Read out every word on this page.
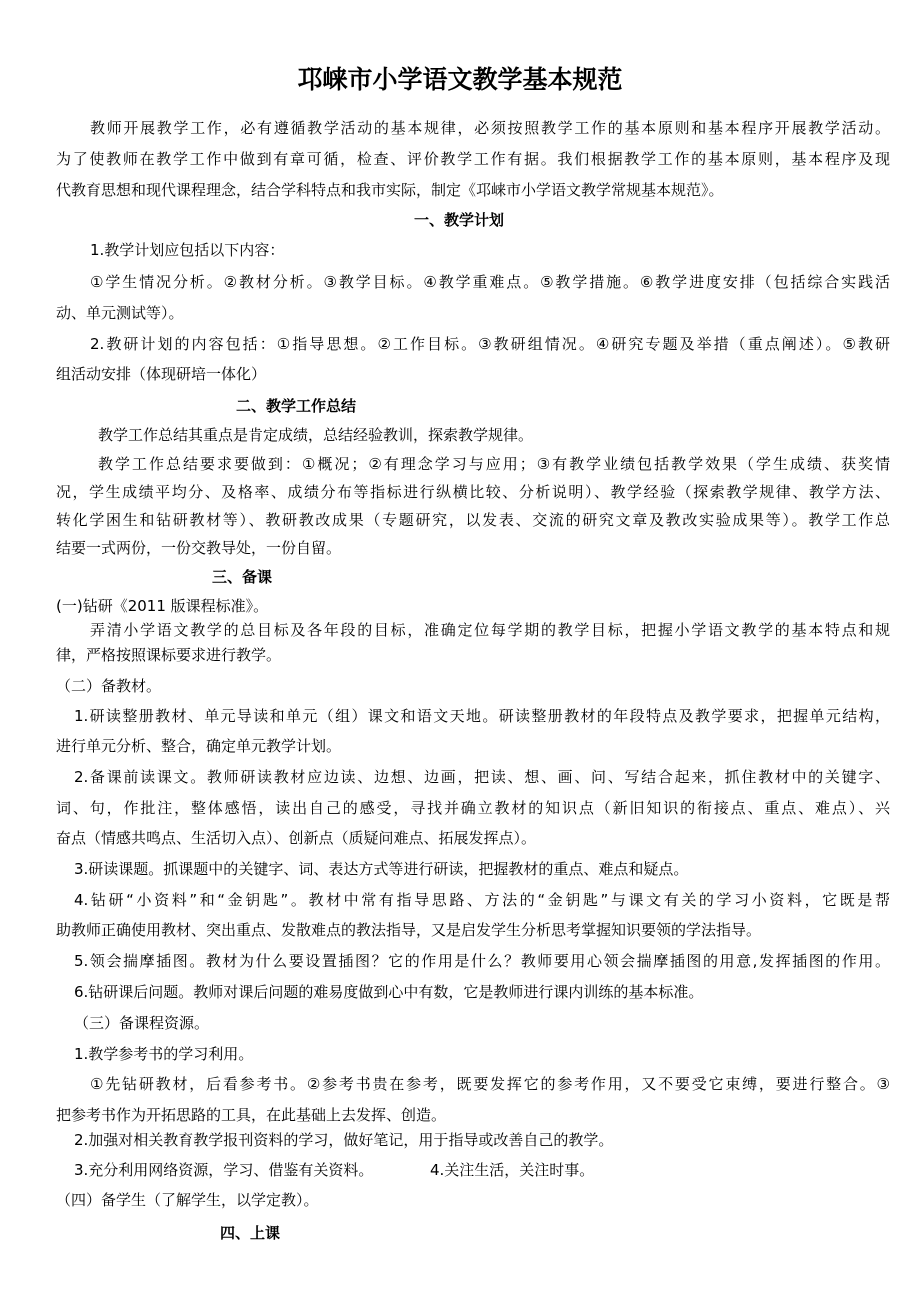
邛崃市小学语文教学基本规范
教师开展教学工作，必有遵循教学活动的基本规律，必须按照教学工作的基本原则和基本程序开展教学活动。
为了使教师在教学工作中做到有章可循，检查、评价教学工作有据。我们根据教学工作的基本原则，基本程序及现
代教育思想和现代课程理念，结合学科特点和我市实际，制定《邛崃市小学语文教学常规基本规范》。
一、教学计划
1.教学计划应包括以下内容：
①学生情况分析。②教材分析。③教学目标。④教学重难点。⑤教学措施。⑥教学进度安排（包括综合实践活
动、单元测试等）。
2.教研计划的内容包括：①指导思想。②工作目标。③教研组情况。④研究专题及举措（重点阐述）。⑤教研
组活动安排（体现研培一体化）
二、教学工作总结
教学工作总结其重点是肯定成绩，总结经验教训，探索教学规律。
教学工作总结要求要做到：①概况；②有理念学习与应用；③有教学业绩包括教学效果（学生成绩、获奖情
况，学生成绩平均分、及格率、成绩分布等指标进行纵横比较、分析说明）、教学经验（探索教学规律、教学方法、
转化学困生和钻研教材等）、教研教改成果（专题研究，以发表、交流的研究文章及教改实验成果等）。教学工作总
结要一式两份，一份交教导处，一份自留。
三、备课
(一)钻研《2011 版课程标准》。
弄清小学语文教学的总目标及各年段的目标，准确定位每学期的教学目标，把握小学语文教学的基本特点和规
律，严格按照课标要求进行教学。
（二）备教材。
1.研读整册教材、单元导读和单元（组）课文和语文天地。研读整册教材的年段特点及教学要求，把握单元结构，
进行单元分析、整合，确定单元教学计划。
2.备课前读课文。教师研读教材应边读、边想、边画，把读、想、画、问、写结合起来，抓住教材中的关键字、
词、句，作批注，整体感悟，读出自己的感受，寻找并确立教材的知识点（新旧知识的衔接点、重点、难点）、兴
奋点（情感共鸣点、生活切入点）、创新点（质疑问难点、拓展发挥点）。
3.研读课题。抓课题中的关键字、词、表达方式等进行研读，把握教材的重点、难点和疑点。
4.钻研“小资料”和“金钥匙”。教材中常有指导思路、方法的“金钥匙”与课文有关的学习小资料，它既是帮
助教师正确使用教材、突出重点、发散难点的教法指导，又是启发学生分析思考掌握知识要领的学法指导。
5.领会揣摩插图。教材为什么要设置插图？它的作用是什么？教师要用心领会揣摩插图的用意,发挥插图的作用。
6.钻研课后问题。教师对课后问题的难易度做到心中有数，它是教师进行课内训练的基本标准。
（三）备课程资源。
1.教学参考书的学习利用。
①先钻研教材，后看参考书。②参考书贵在参考，既要发挥它的参考作用，又不要受它束缚，要进行整合。③
把参考书作为开拓思路的工具，在此基础上去发挥、创造。
2.加强对相关教育教学报刊资料的学习，做好笔记，用于指导或改善自己的教学。
3.充分利用网络资源，学习、借鉴有关资料。	4.关注生活，关注时事。
（四）备学生（了解学生，以学定教）。
四、上课
